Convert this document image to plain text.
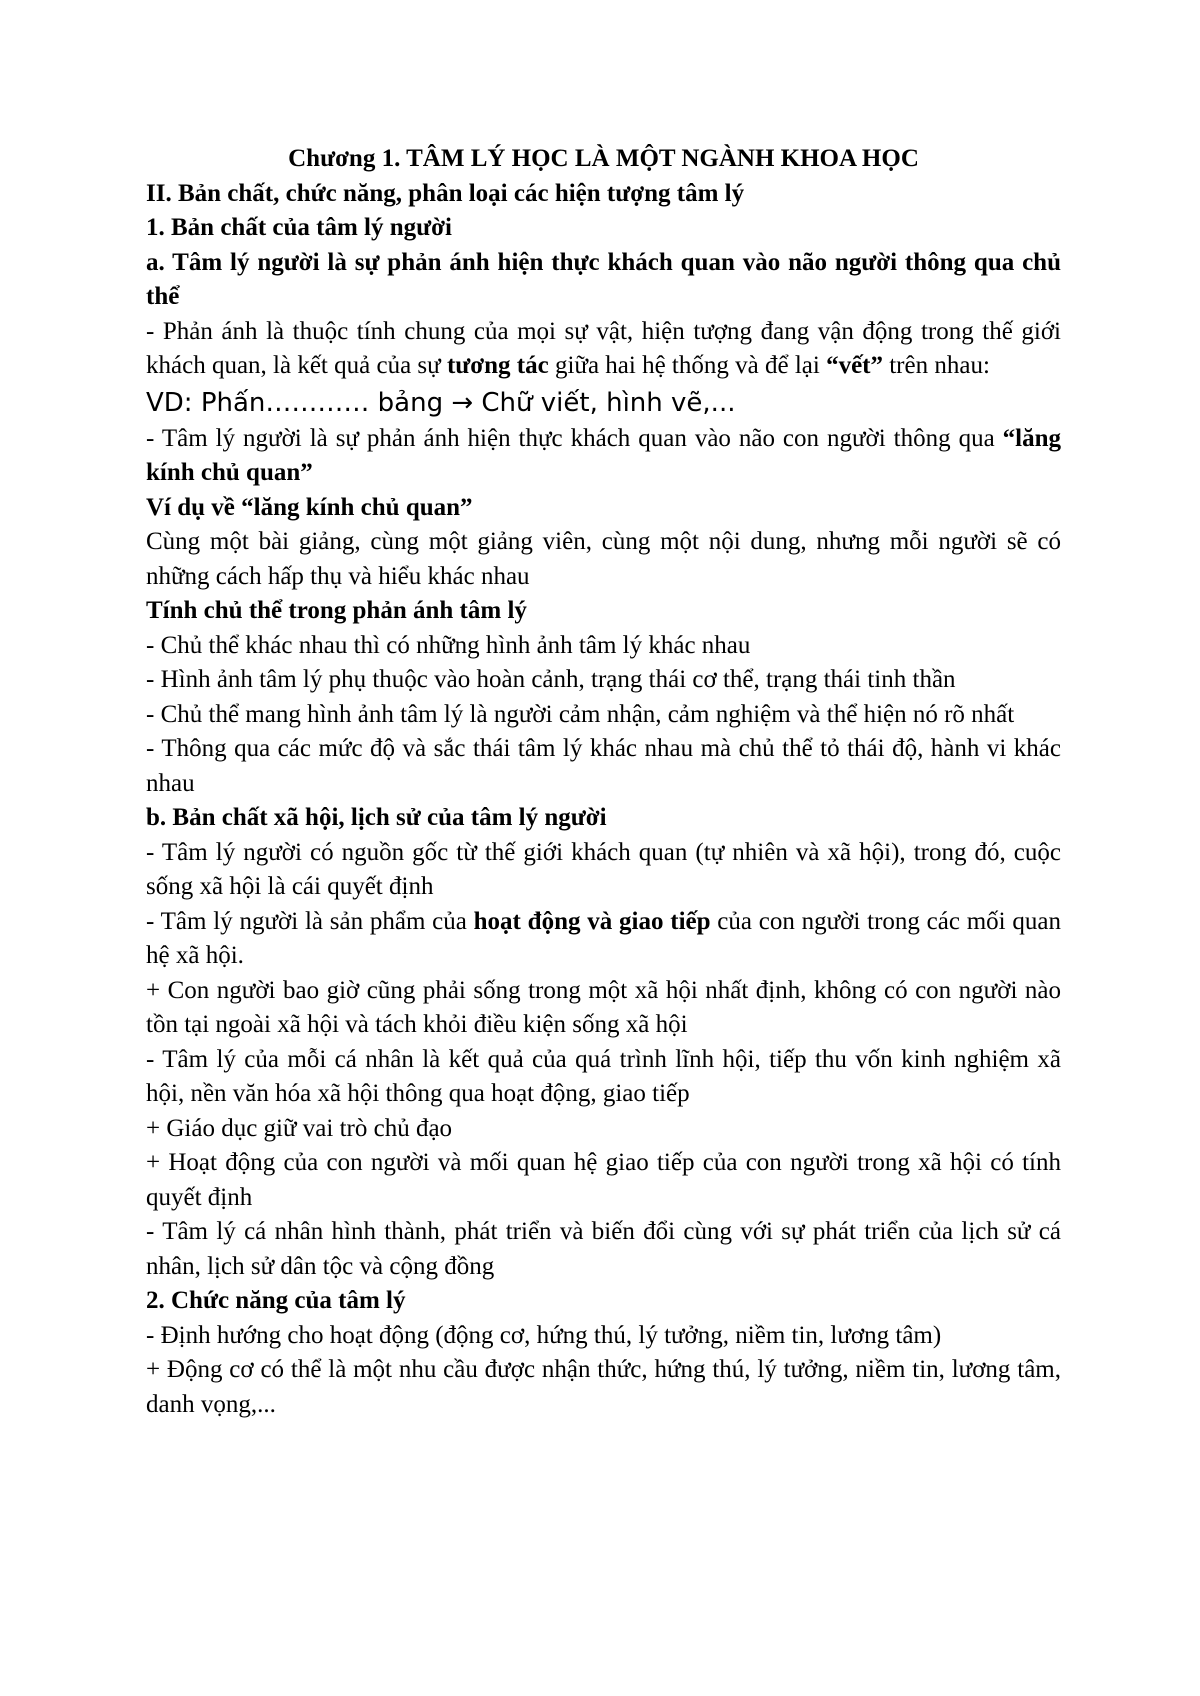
Chương 1. TÂM LÝ HỌC LÀ MỘT NGÀNH KHOA HỌC

II. Bản chất, chức năng, phân loại các hiện tượng tâm lý

1. Bản chất của tâm lý người

a. Tâm lý người là sự phản ánh hiện thực khách quan vào não người thông qua chủ thể

- Phản ánh là thuộc tính chung của mọi sự vật, hiện tượng đang vận động trong thế giới khách quan, là kết quả của sự tương tác giữa hai hệ thống và để lại “vết” trên nhau:

VD: Phấn………… bảng → Chữ viết, hình vẽ,...

- Tâm lý người là sự phản ánh hiện thực khách quan vào não con người thông qua “lăng kính chủ quan”

Ví dụ về “lăng kính chủ quan”

Cùng một bài giảng, cùng một giảng viên, cùng một nội dung, nhưng mỗi người sẽ có những cách hấp thụ và hiểu khác nhau

Tính chủ thể trong phản ánh tâm lý

- Chủ thể khác nhau thì có những hình ảnh tâm lý khác nhau

- Hình ảnh tâm lý phụ thuộc vào hoàn cảnh, trạng thái cơ thể, trạng thái tinh thần

- Chủ thể mang hình ảnh tâm lý là người cảm nhận, cảm nghiệm và thể hiện nó rõ nhất

- Thông qua các mức độ và sắc thái tâm lý khác nhau mà chủ thể tỏ thái độ, hành vi khác nhau

b. Bản chất xã hội, lịch sử của tâm lý người

- Tâm lý người có nguồn gốc từ thế giới khách quan (tự nhiên và xã hội), trong đó, cuộc sống xã hội là cái quyết định

- Tâm lý người là sản phẩm của hoạt động và giao tiếp của con người trong các mối quan hệ xã hội.

+ Con người bao giờ cũng phải sống trong một xã hội nhất định, không có con người nào tồn tại ngoài xã hội và tách khỏi điều kiện sống xã hội

- Tâm lý của mỗi cá nhân là kết quả của quá trình lĩnh hội, tiếp thu vốn kinh nghiệm xã hội, nền văn hóa xã hội thông qua hoạt động, giao tiếp

+ Giáo dục giữ vai trò chủ đạo

+ Hoạt động của con người và mối quan hệ giao tiếp của con người trong xã hội có tính quyết định

- Tâm lý cá nhân hình thành, phát triển và biến đổi cùng với sự phát triển của lịch sử cá nhân, lịch sử dân tộc và cộng đồng

2. Chức năng của tâm lý

- Định hướng cho hoạt động (động cơ, hứng thú, lý tưởng, niềm tin, lương tâm)

+ Động cơ có thể là một nhu cầu được nhận thức, hứng thú, lý tưởng, niềm tin, lương tâm, danh vọng,...
